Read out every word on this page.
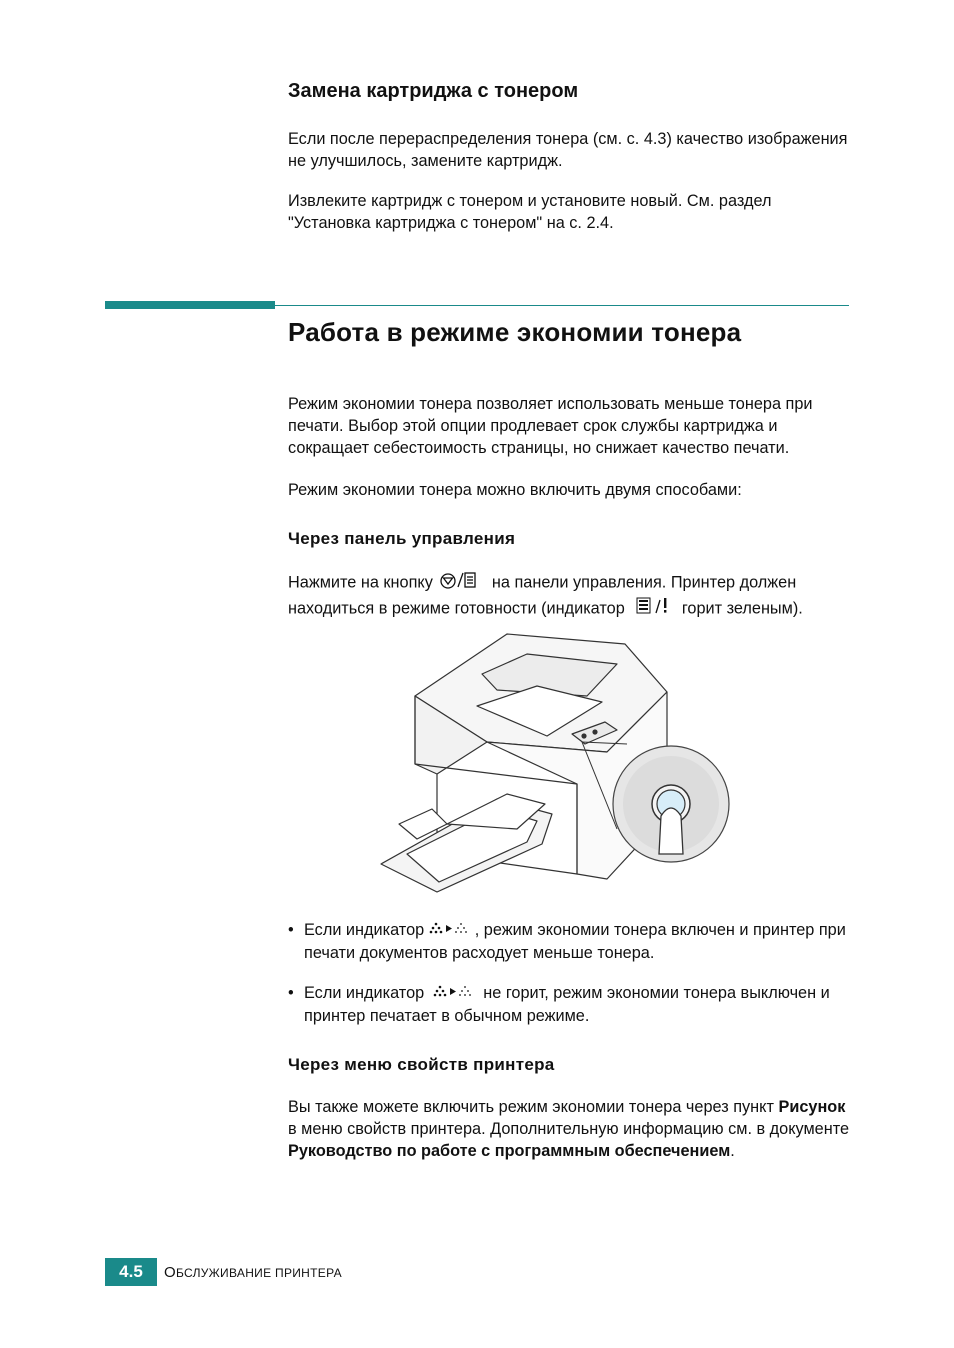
Замена картриджа с тонером

Если после перераспределения тонера (см. с. 4.3) качество изображения не улучшилось, замените картридж.

Извлеките картридж с тонером и установите новый. См. раздел "Установка картриджа с тонером" на с. 2.4.

Работа в режиме экономии тонера

Режим экономии тонера позволяет использовать меньше тонера при печати. Выбор этой опции продлевает срок службы картриджа и сокращает себестоимость страницы, но снижает качество печати.

Режим экономии тонера можно включить двумя способами:

Через панель управления

Нажмите на кнопку	на панели управления. Принтер должен находиться в режиме готовности (индикатор	горит зеленым).

• Если индикатор	, режим экономии тонера включен и принтер при печати документов расходует меньше тонера.
• Если индикатор	не горит, режим экономии тонера выключен и принтер печатает в обычном режиме.
Через меню свойств принтера

Вы также можете включить режим экономии тонера через пункт Рисунок в меню свойств принтера. Дополнительную информацию см. в документе Руководство по работе с программным обеспечением.

4.5	ОБСЛУЖИВАНИЕ ПРИНТЕРА
